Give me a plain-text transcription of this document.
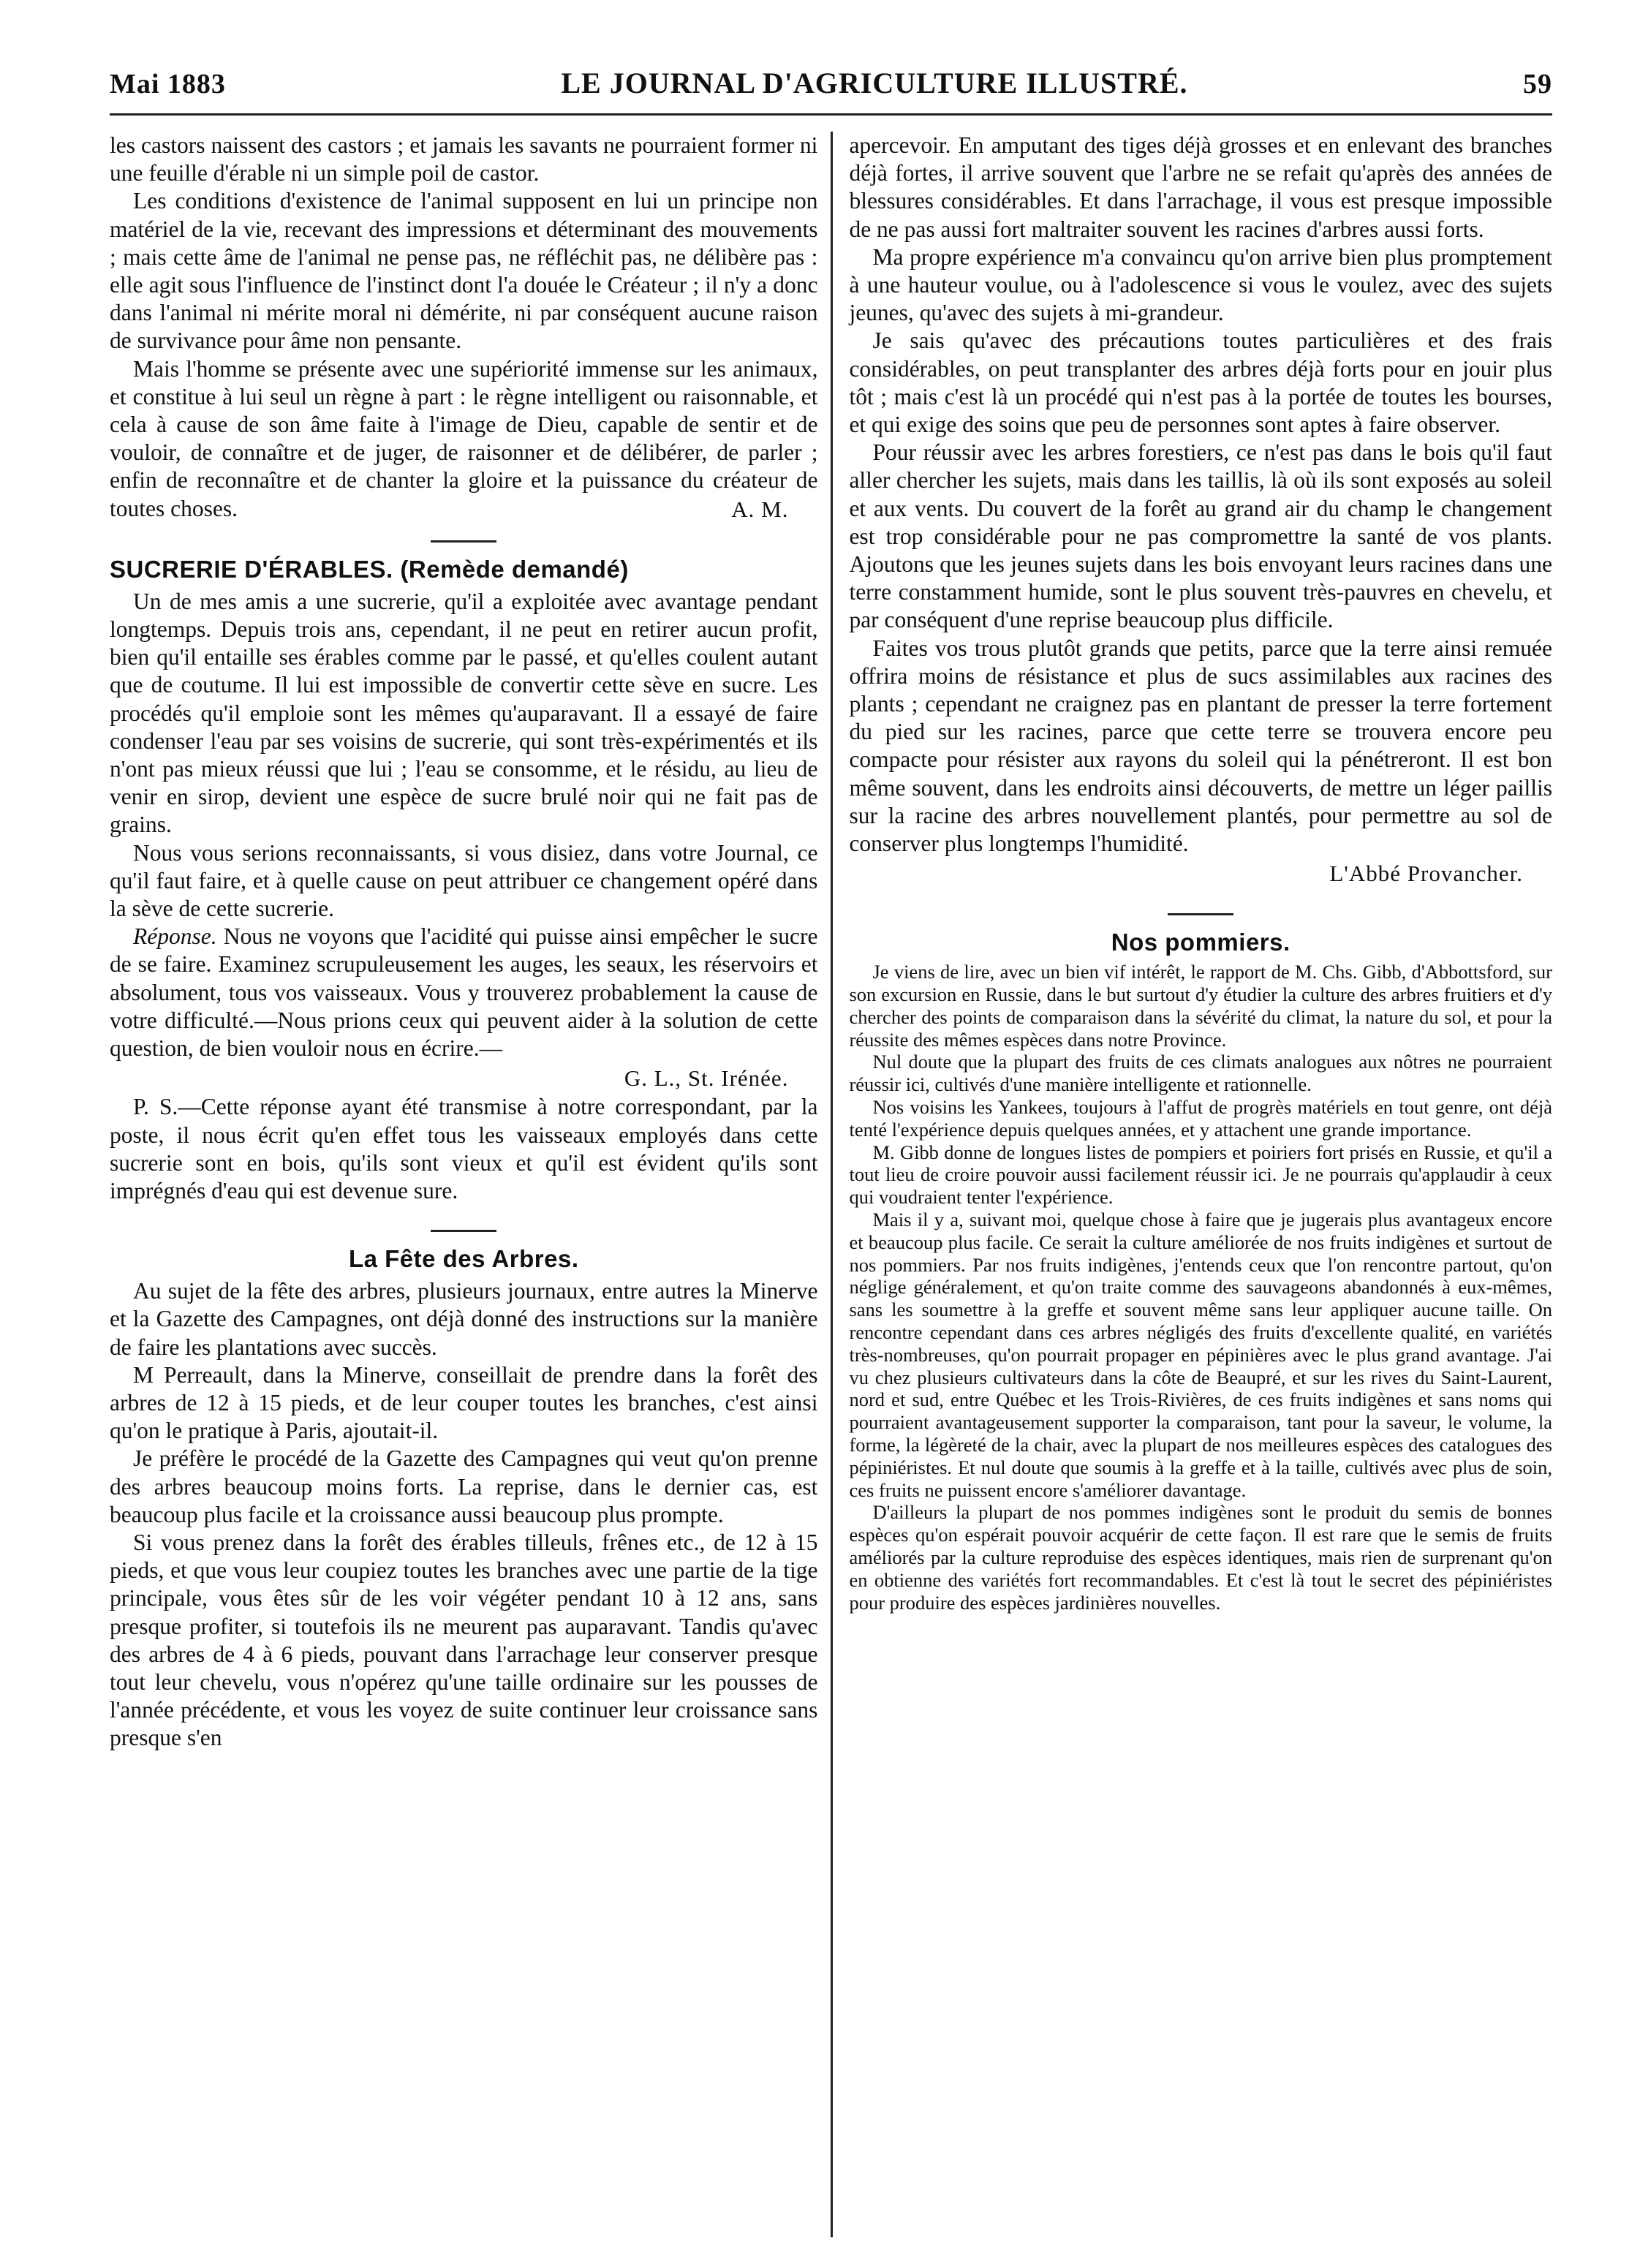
Mai 1883	LE JOURNAL D'AGRICULTURE ILLUSTRÉ.	59

les castors naissent des castors ; et jamais les savants ne pourraient former ni une feuille d'érable ni un simple poil de castor.

Les conditions d'existence de l'animal supposent en lui un principe non matériel de la vie, recevant des impressions et déterminant des mouvements ; mais cette âme de l'animal ne pense pas, ne réfléchit pas, ne délibère pas : elle agit sous l'influence de l'instinct dont l'a douée le Créateur ; il n'y a donc dans l'animal ni mérite moral ni démérite, ni par conséquent aucune raison de survivance pour âme non pensante.

Mais l'homme se présente avec une supériorité immense sur les animaux, et constitue à lui seul un règne à part : le règne intelligent ou raisonnable, et cela à cause de son âme faite à l'image de Dieu, capable de sentir et de vouloir, de connaître et de juger, de raisonner et de délibérer, de parler ; enfin de reconnaître et de chanter la gloire et la puissance du créateur de toutes choses.	A. M.
SUCRERIE D'ÉRABLES. (Remède demandé)

Un de mes amis a une sucrerie, qu'il a exploitée avec avantage pendant longtemps. Depuis trois ans, cependant, il ne peut en retirer aucun profit, bien qu'il entaille ses érables comme par le passé, et qu'elles coulent autant que de coutume. Il lui est impossible de convertir cette sève en sucre. Les procédés qu'il emploie sont les mêmes qu'auparavant. Il a essayé de faire condenser l'eau par ses voisins de sucrerie, qui sont très-expérimentés et ils n'ont pas mieux réussi que lui ; l'eau se consomme, et le résidu, au lieu de venir en sirop, devient une espèce de sucre brulé noir qui ne fait pas de grains.

Nous vous serions reconnaissants, si vous disiez, dans votre Journal, ce qu'il faut faire, et à quelle cause on peut attribuer ce changement opéré dans la sève de cette sucrerie.

Réponse. Nous ne voyons que l'acidité qui puisse ainsi empêcher le sucre de se faire. Examinez scrupuleusement les auges, les seaux, les réservoirs et absolument, tous vos vaisseaux. Vous y trouverez probablement la cause de votre difficulté.—Nous prions ceux qui peuvent aider à la solution de cette question, de bien vouloir nous en écrire.—

G. L., St. Irénée.

P. S.—Cette réponse ayant été transmise à notre correspondant, par la poste, il nous écrit qu'en effet tous les vaisseaux employés dans cette sucrerie sont en bois, qu'ils sont vieux et qu'il est évident qu'ils sont imprégnés d'eau qui est devenue sure.

La Fête des Arbres.

Au sujet de la fête des arbres, plusieurs journaux, entre autres la Minerve et la Gazette des Campagnes, ont déjà donné des instructions sur la manière de faire les plantations avec succès.

M Perreault, dans la Minerve, conseillait de prendre dans la forêt des arbres de 12 à 15 pieds, et de leur couper toutes les branches, c'est ainsi qu'on le pratique à Paris, ajoutait-il.

Je préfère le procédé de la Gazette des Campagnes qui veut qu'on prenne des arbres beaucoup moins forts. La reprise, dans le dernier cas, est beaucoup plus facile et la croissance aussi beaucoup plus prompte.

Si vous prenez dans la forêt des érables tilleuls, frênes etc., de 12 à 15 pieds, et que vous leur coupiez toutes les branches avec une partie de la tige principale, vous êtes sûr de les voir végéter pendant 10 à 12 ans, sans presque profiter, si toutefois ils ne meurent pas auparavant. Tandis qu'avec des arbres de 4 à 6 pieds, pouvant dans l'arrachage leur conserver presque tout leur chevelu, vous n'opérez qu'une taille ordinaire sur les pousses de l'année précédente, et vous les voyez de suite continuer leur croissance sans presque s'en

apercevoir. En amputant des tiges déjà grosses et en enlevant des branches déjà fortes, il arrive souvent que l'arbre ne se refait qu'après des années de blessures considérables. Et dans l'arrachage, il vous est presque impossible de ne pas aussi fort maltraiter souvent les racines d'arbres aussi forts.

Ma propre expérience m'a convaincu qu'on arrive bien plus promptement à une hauteur voulue, ou à l'adolescence si vous le voulez, avec des sujets jeunes, qu'avec des sujets à mi-grandeur.

Je sais qu'avec des précautions toutes particulières et des frais considérables, on peut transplanter des arbres déjà forts pour en jouir plus tôt ; mais c'est là un procédé qui n'est pas à la portée de toutes les bourses, et qui exige des soins que peu de personnes sont aptes à faire observer.

Pour réussir avec les arbres forestiers, ce n'est pas dans le bois qu'il faut aller chercher les sujets, mais dans les taillis, là où ils sont exposés au soleil et aux vents. Du couvert de la forêt au grand air du champ le changement est trop considérable pour ne pas compromettre la santé de vos plants. Ajoutons que les jeunes sujets dans les bois envoyant leurs racines dans une terre constamment humide, sont le plus souvent très-pauvres en chevelu, et par conséquent d'une reprise beaucoup plus difficile.

Faites vos trous plutôt grands que petits, parce que la terre ainsi remuée offrira moins de résistance et plus de sucs assimilables aux racines des plants ; cependant ne craignez pas en plantant de presser la terre fortement du pied sur les racines, parce que cette terre se trouvera encore peu compacte pour résister aux rayons du soleil qui la pénétreront. Il est bon même souvent, dans les endroits ainsi découverts, de mettre un léger paillis sur la racine des arbres nouvellement plantés, pour permettre au sol de conserver plus longtemps l'humidité.

L'Abbé Provancher.
Nos pommiers.

Je viens de lire, avec un bien vif intérêt, le rapport de M. Chs. Gibb, d'Abbottsford, sur son excursion en Russie, dans le but surtout d'y étudier la culture des arbres fruitiers et d'y chercher des points de comparaison dans la sévérité du climat, la nature du sol, et pour la réussite des mêmes espèces dans notre Province.

Nul doute que la plupart des fruits de ces climats analogues aux nôtres ne pourraient réussir ici, cultivés d'une manière intelligente et rationnelle.

Nos voisins les Yankees, toujours à l'affut de progrès matériels en tout genre, ont déjà tenté l'expérience depuis quelques années, et y attachent une grande importance.

M. Gibb donne de longues listes de pompiers et poiriers fort prisés en Russie, et qu'il a tout lieu de croire pouvoir aussi facilement réussir ici. Je ne pourrais qu'applaudir à ceux qui voudraient tenter l'expérience.

Mais il y a, suivant moi, quelque chose à faire que je jugerais plus avantageux encore et beaucoup plus facile. Ce serait la culture améliorée de nos fruits indigènes et surtout de nos pommiers. Par nos fruits indigènes, j'entends ceux que l'on rencontre partout, qu'on néglige généralement, et qu'on traite comme des sauvageons abandonnés à eux-mêmes, sans les soumettre à la greffe et souvent même sans leur appliquer aucune taille. On rencontre cependant dans ces arbres négligés des fruits d'excellente qualité, en variétés très-nombreuses, qu'on pourrait propager en pépinières avec le plus grand avantage. J'ai vu chez plusieurs cultivateurs dans la côte de Beaupré, et sur les rives du Saint-Laurent, nord et sud, entre Québec et les Trois-Rivières, de ces fruits indigènes et sans noms qui pourraient avantageusement supporter la comparaison, tant pour la saveur, le volume, la forme, la légèreté de la chair, avec la plupart de nos meilleures espèces des catalogues des pépiniéristes. Et nul doute que soumis à la greffe et à la taille, cultivés avec plus de soin, ces fruits ne puissent encore s'améliorer davantage.

D'ailleurs la plupart de nos pommes indigènes sont le produit du semis de bonnes espèces qu'on espérait pouvoir acquérir de cette façon. Il est rare que le semis de fruits améliorés par la culture reproduise des espèces identiques, mais rien de surprenant qu'on en obtienne des variétés fort recommandables. Et c'est là tout le secret des pépiniéristes pour produire des espèces jardinières nouvelles.
